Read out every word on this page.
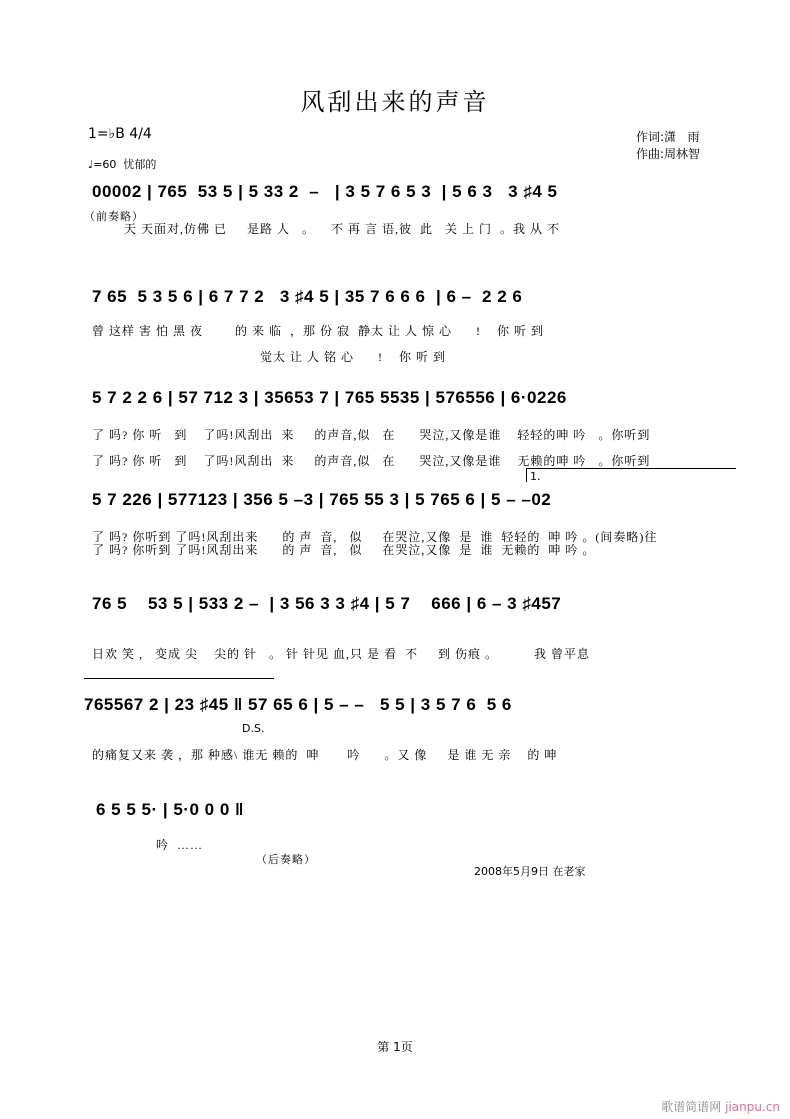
风刮出来的声音
1=♭B 4/4
♩=60  忧郁的
作词:潇   雨
作曲:周林智
00002 | 765  53 5 | 5 33 2  –   | 3 5 7 6 5 3  | 5 6 3   3 ♯4 5
（前奏略）
天 天面对,仿佛 已     是路 人   。    不 再 言 语,彼  此   关 上 门  。我 从 不
7 65  5 3 5 6 | 6 7 7 2   3 ♯4 5 | 35 7 6 6 6  | 6 –  2 2 6
曾 这样 害 怕 黑 夜        的 来 临  ，那 份 寂  静太 让 人 惊 心      !    你 听 到
觉太 让 人 铭 心      !    你 听 到
5 7 2 2 6 | 57 712 3 | 35653 7 | 765 5535 | 576556 | 6·0226
了 吗? 你 听   到    了吗!风刮出  来     的声音,似   在      哭泣,又像是谁    轻轻的呻 吟   。你听到
了 吗? 你 听   到    了吗!风刮出  来     的声音,似   在      哭泣,又像是谁    无赖的呻 吟   。你听到
1.
5 7 226 | 577123 | 356 5 –3 | 765 55 3 | 5 765 6 | 5 – –02
了 吗? 你听到 了吗!风刮出来      的 声  音,   似     在哭泣,又像  是  谁  轻轻的  呻 吟 。(间奏略)往
了 吗? 你听到 了吗!风刮出来      的 声  音,   似     在哭泣,又像  是  谁  无赖的  呻 吟 。
76 5    53 5 | 533 2 –  | 3 56 3 3 ♯4 | 5 7    666 | 6 – 3 ♯457
日欢 笑 ,   变成 尖    尖的 针   。 针 针见 血,只 是 看  不     到 伤痕 。         我 曾平息
765567 2 | 23 ♯45 ‖ 57 65 6 | 5 – –   5 5 | 3 5 7 6  5 6
D.S.
的痛复又来 袭 ，那 种感\ 谁无 赖的  呻       吟      。又 像     是 谁 无 亲    的 呻
6 5 5 5· | 5·0 0 0 ‖
吟  ……
（后奏略）
2008年5月9日 在老家
第 1页
歌谱简谱网 jianpu.cn
